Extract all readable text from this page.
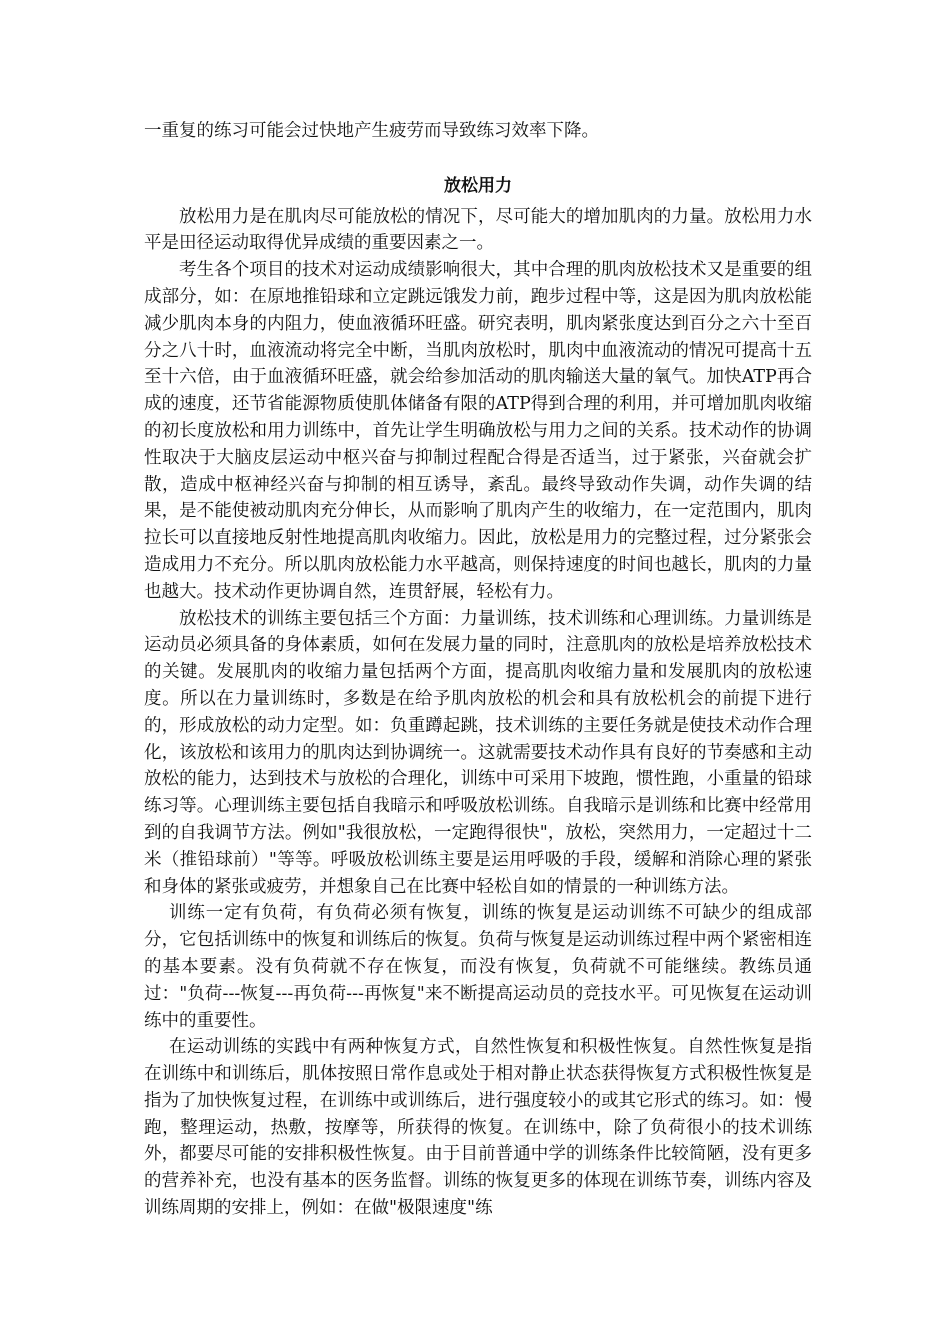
一重复的练习可能会过快地产生疲劳而导致练习效率下降。

放松用力

放松用力是在肌肉尽可能放松的情况下，尽可能大的增加肌肉的力量。放松用力水平是田径运动取得优异成绩的重要因素之一。

考生各个项目的技术对运动成绩影响很大，其中合理的肌肉放松技术又是重要的组成部分，如：在原地推铅球和立定跳远饿发力前，跑步过程中等，这是因为肌肉放松能减少肌肉本身的内阻力，使血液循环旺盛。研究表明，肌肉紧张度达到百分之六十至百分之八十时，血液流动将完全中断，当肌肉放松时，肌肉中血液流动的情况可提高十五至十六倍，由于血液循环旺盛，就会给参加活动的肌肉输送大量的氧气。加快ATP再合成的速度，还节省能源物质使肌体储备有限的ATP得到合理的利用，并可增加肌肉收缩的初长度放松和用力训练中，首先让学生明确放松与用力之间的关系。技术动作的协调性取决于大脑皮层运动中枢兴奋与抑制过程配合得是否适当，过于紧张，兴奋就会扩散，造成中枢神经兴奋与抑制的相互诱导，紊乱。最终导致动作失调，动作失调的结果，是不能使被动肌肉充分伸长，从而影响了肌肉产生的收缩力，在一定范围内，肌肉拉长可以直接地反射性地提高肌肉收缩力。因此，放松是用力的完整过程，过分紧张会造成用力不充分。所以肌肉放松能力水平越高，则保持速度的时间也越长，肌肉的力量也越大。技术动作更协调自然，连贯舒展，轻松有力。

放松技术的训练主要包括三个方面：力量训练，技术训练和心理训练。力量训练是运动员必须具备的身体素质，如何在发展力量的同时，注意肌肉的放松是培养放松技术的关键。发展肌肉的收缩力量包括两个方面，提高肌肉收缩力量和发展肌肉的放松速度。所以在力量训练时，多数是在给予肌肉放松的机会和具有放松机会的前提下进行的，形成放松的动力定型。如：负重蹲起跳，技术训练的主要任务就是使技术动作合理化，该放松和该用力的肌肉达到协调统一。这就需要技术动作具有良好的节奏感和主动放松的能力，达到技术与放松的合理化，训练中可采用下坡跑，惯性跑，小重量的铅球练习等。心理训练主要包括自我暗示和呼吸放松训练。自我暗示是训练和比赛中经常用到的自我调节方法。例如"我很放松，一定跑得很快"，放松，突然用力，一定超过十二米（推铅球前）"等等。呼吸放松训练主要是运用呼吸的手段，缓解和消除心理的紧张和身体的紧张或疲劳，并想象自己在比赛中轻松自如的情景的一种训练方法。

训练一定有负荷，有负荷必须有恢复，训练的恢复是运动训练不可缺少的组成部分，它包括训练中的恢复和训练后的恢复。负荷与恢复是运动训练过程中两个紧密相连的基本要素。没有负荷就不存在恢复，而没有恢复，负荷就不可能继续。教练员通过："负荷---恢复---再负荷---再恢复"来不断提高运动员的竞技水平。可见恢复在运动训练中的重要性。

在运动训练的实践中有两种恢复方式，自然性恢复和积极性恢复。自然性恢复是指在训练中和训练后，肌体按照日常作息或处于相对静止状态获得恢复方式积极性恢复是指为了加快恢复过程，在训练中或训练后，进行强度较小的或其它形式的练习。如：慢跑，整理运动，热敷，按摩等，所获得的恢复。在训练中，除了负荷很小的技术训练外，都要尽可能的安排积极性恢复。由于目前普通中学的训练条件比较简陋，没有更多的营养补充，也没有基本的医务监督。训练的恢复更多的体现在训练节奏，训练内容及训练周期的安排上，例如：在做"极限速度"练
